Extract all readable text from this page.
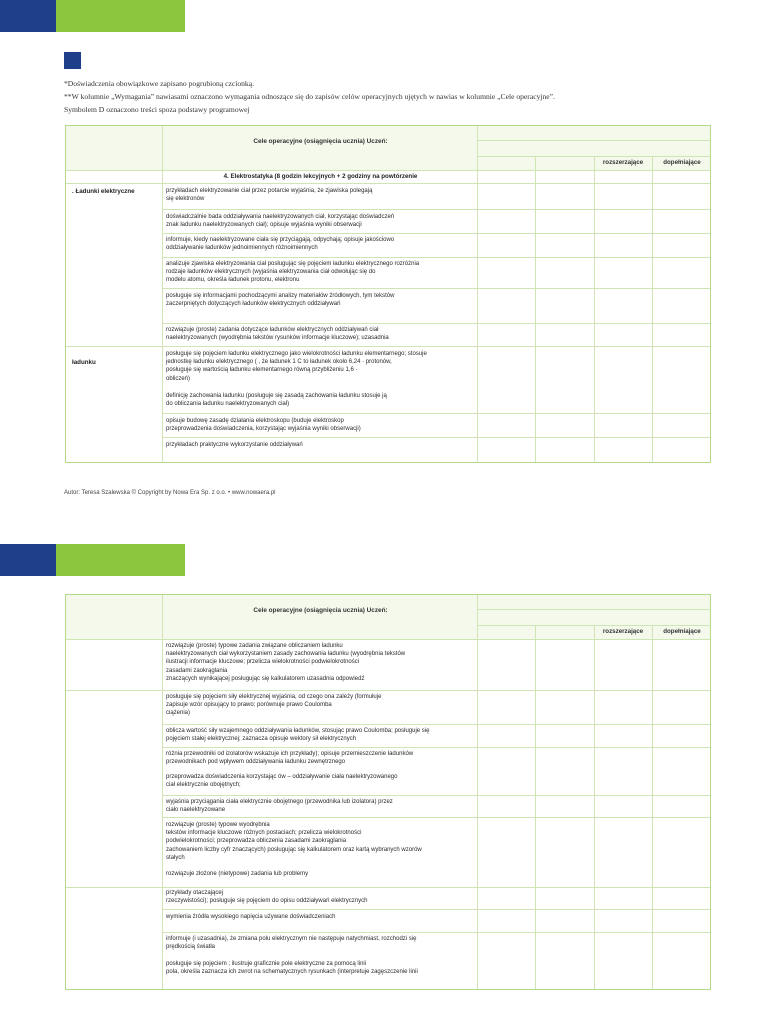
*Doświadczenia obowiązkowe zapisano pogrubioną czcionką.
**W kolumnie „Wymagania” nawiasami oznaczono wymagania odnoszące się do zapisów celów operacyjnych ujętych w nawias w kolumnie „Cele operacyjne”.
Symbolem D oznaczono treści spoza podstawy programowej
Cele operacyjne (osiągnięcia ucznia) Uczeń:
rozszerzające	dopełniające
4. Elektrostatyka (8 godzin lekcyjnych + 2 godziny na powtórzenie
. Ładunki elektryczne
ładunku
przykładach elektryzowanie ciał przez potarcie wyjaśnia, że zjawiska polegają
się elektronów
doświadczalnie bada oddziaływania naelektryzowanych ciał, korzystając doświadczeń
znak ładunku naelektryzowanych ciał); opisuje wyjaśnia wyniki obserwacji
informuje, kiedy naelektryzowane ciała się przyciągają, odpychają; opisuje jakościowo
oddziaływanie ładunków jednoimiennych różnoimiennych
analizuje zjawiska elektryzowania ciał posługując się pojęciem ładunku elektrycznego rozróżnia
rodzaje ładunków elektrycznych (wyjaśnia elektryzowania ciał odwołując się do
modelu atomu, określa ładunek protonu, elektronu
posługuje się informacjami pochodzącymi analizy materiałów źródłowych, tym tekstów
zaczerpniętych dotyczących ładunków elektrycznych oddziaływań
rozwiązuje (proste) zadania dotyczące ładunków elektrycznych oddziaływań ciał
naelektryzowanych (wyodrębnia tekstów rysunków informacje kluczowe); uzasadnia
posługuje się pojęciem ładunku elektrycznego jako wielokrotności ładunku elementarnego; stosuje
jednostkę ładunku elektrycznego ( , że ładunek 1 C to ładunek około 6,24 · protonów,
posługuje się wartością ładunku elementarnego równą przybliżeniu 1,6 ·
obliczeń)
definicję zachowania ładunku (posługuje się zasadą zachowania ładunku stosuje ją
do obliczania ładunku naelektryzowanych ciał)
opisuje budowę zasadę działania elektroskopu (buduje elektroskop
przeprowadzenia doświadczenia, korzystając wyjaśnia wyniki obserwacji)
przykładach praktyczne wykorzystanie oddziaływań
Autor: Teresa Szalewska © Copyright by Nowa Era Sp. z o.o. • www.nowaera.pl
Cele operacyjne (osiągnięcia ucznia) Uczeń:
rozszerzające	dopełniające
rozwiązuje (proste) typowe zadania związane obliczaniem ładunku
naelektryzowanych ciał wykorzystaniem zasady zachowania ładunku (wyodrębnia tekstów
ilustracji informacje kluczowe; przelicza wielokrotności podwielokrotności
zasadami zaokrąglania
znaczących wynikającej posługując się kalkulatorem uzasadnia odpowiedź
posługuje się pojęciem siły elektrycznej wyjaśnia, od czego ona zależy (formułuje
zapisuje wzór opisujący to prawo; porównuje prawo Coulomba
ciążenia)
oblicza wartość siły wzajemnego oddziaływania ładunków, stosując prawo Coulomba; posługuje się
pojęciem stałej elektrycznej; zaznacza opisuje wektory sił elektrycznych
różnia przewodniki od izolatorów wskazuje ich przykłady); opisuje przemieszczenie ładunków
przewodnikach pod wpływem oddziaływania ładunku zewnętrznego
przeprowadza doświadczenia korzystając ów – oddziaływanie ciała naelektryzowanego
ciał elektrycznie obojętnych;
wyjaśnia przyciągania ciała elektrycznie obojętnego (przewodnika lub izolatora) przez
ciało naelektryzowane
rozwiązuje (proste) typowe wyodrębnia
tekstów informacje kluczowe różnych postaciach; przelicza wielokrotności
podwielokrotności; przeprowadza obliczenia zasadami zaokrąglania
zachowaniem liczby cyfr znaczących) posługując się kalkulatorem oraz kartą wybranych wzorów
stałych

rozwiązuje złożone (nietypowe) zadania lub problemy
przykłady otaczającej
rzeczywistości); posługuje się pojęciem do opisu oddziaływań elektrycznych
wymienia źródła wysokiego napięcia używane doświadczeniach
informuje (i uzasadnia), że zmiana polu elektrycznym nie następuje natychmiast, rozchodzi się
prędkością światła

posługuje się pojęciem ; ilustruje graficznie pole elektryczne za pomocą linii
pola, określa zaznacza ich zwrot na schematycznych rysunkach (interpretuje zagęszczenie linii
